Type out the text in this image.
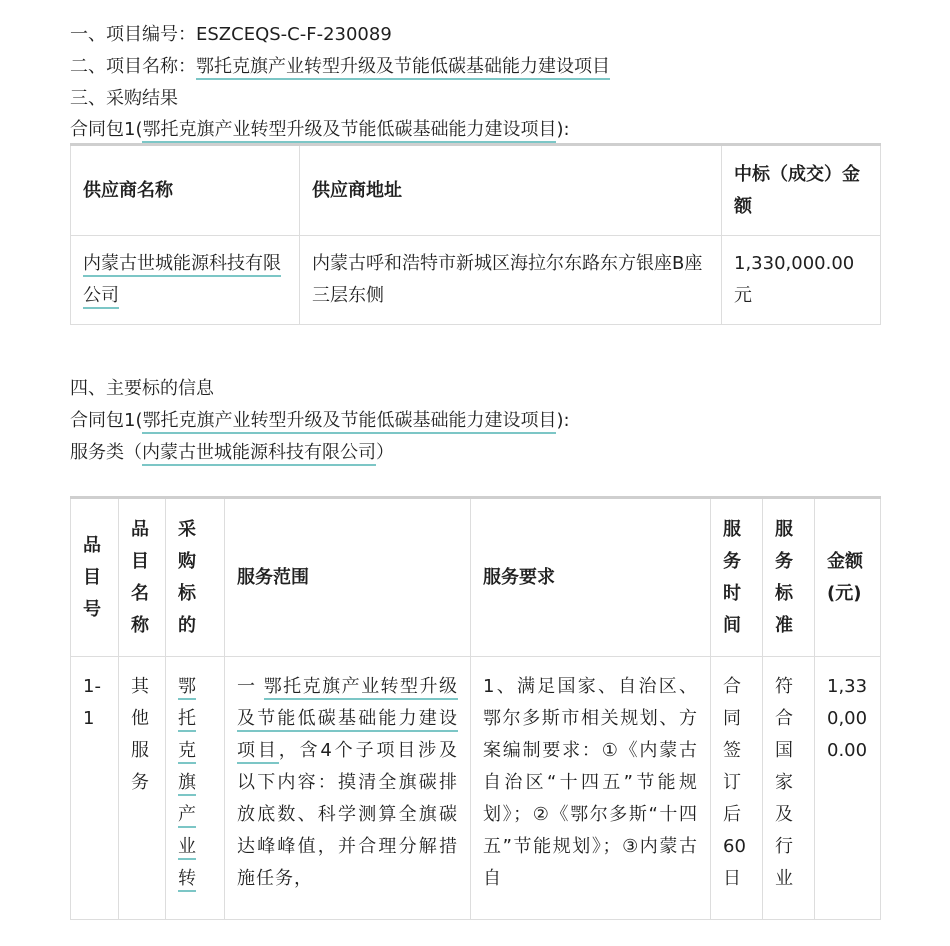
一、项目编号：ESZCEQS-C-F-230089
二、项目名称：鄂托克旗产业转型升级及节能低碳基础能力建设项目
三、采购结果
合同包1(鄂托克旗产业转型升级及节能低碳基础能力建设项目):
供应商名称	供应商地址	中标（成交）金额
内蒙古世城能源科技有限公司	内蒙古呼和浩特市新城区海拉尔东路东方银座B座三层东侧	1,330,000.00元
四、主要标的信息
合同包1(鄂托克旗产业转型升级及节能低碳基础能力建设项目):
服务类（内蒙古世城能源科技有限公司）
品目号	品目名称	采购标的	服务范围	服务要求	服务时间	服务标准	金额(元)

1-1	其他服务	鄂托克旗产业转	一 鄂托克旗产业转型升级及节能低碳基础能力建设项目，含4个子项目涉及以下内容：摸清全旗碳排放底数、科学测算全旗碳达峰峰值，并合理分解措施任务，	1、满足国家、自治区、鄂尔多斯市相关规划、方案编制要求：①《内蒙古自治区“十四五”节能规划》；②《鄂尔多斯“十四五”节能规划》；③内蒙古自	合同签订后60日	符合国家及行业	1,330,000.00
